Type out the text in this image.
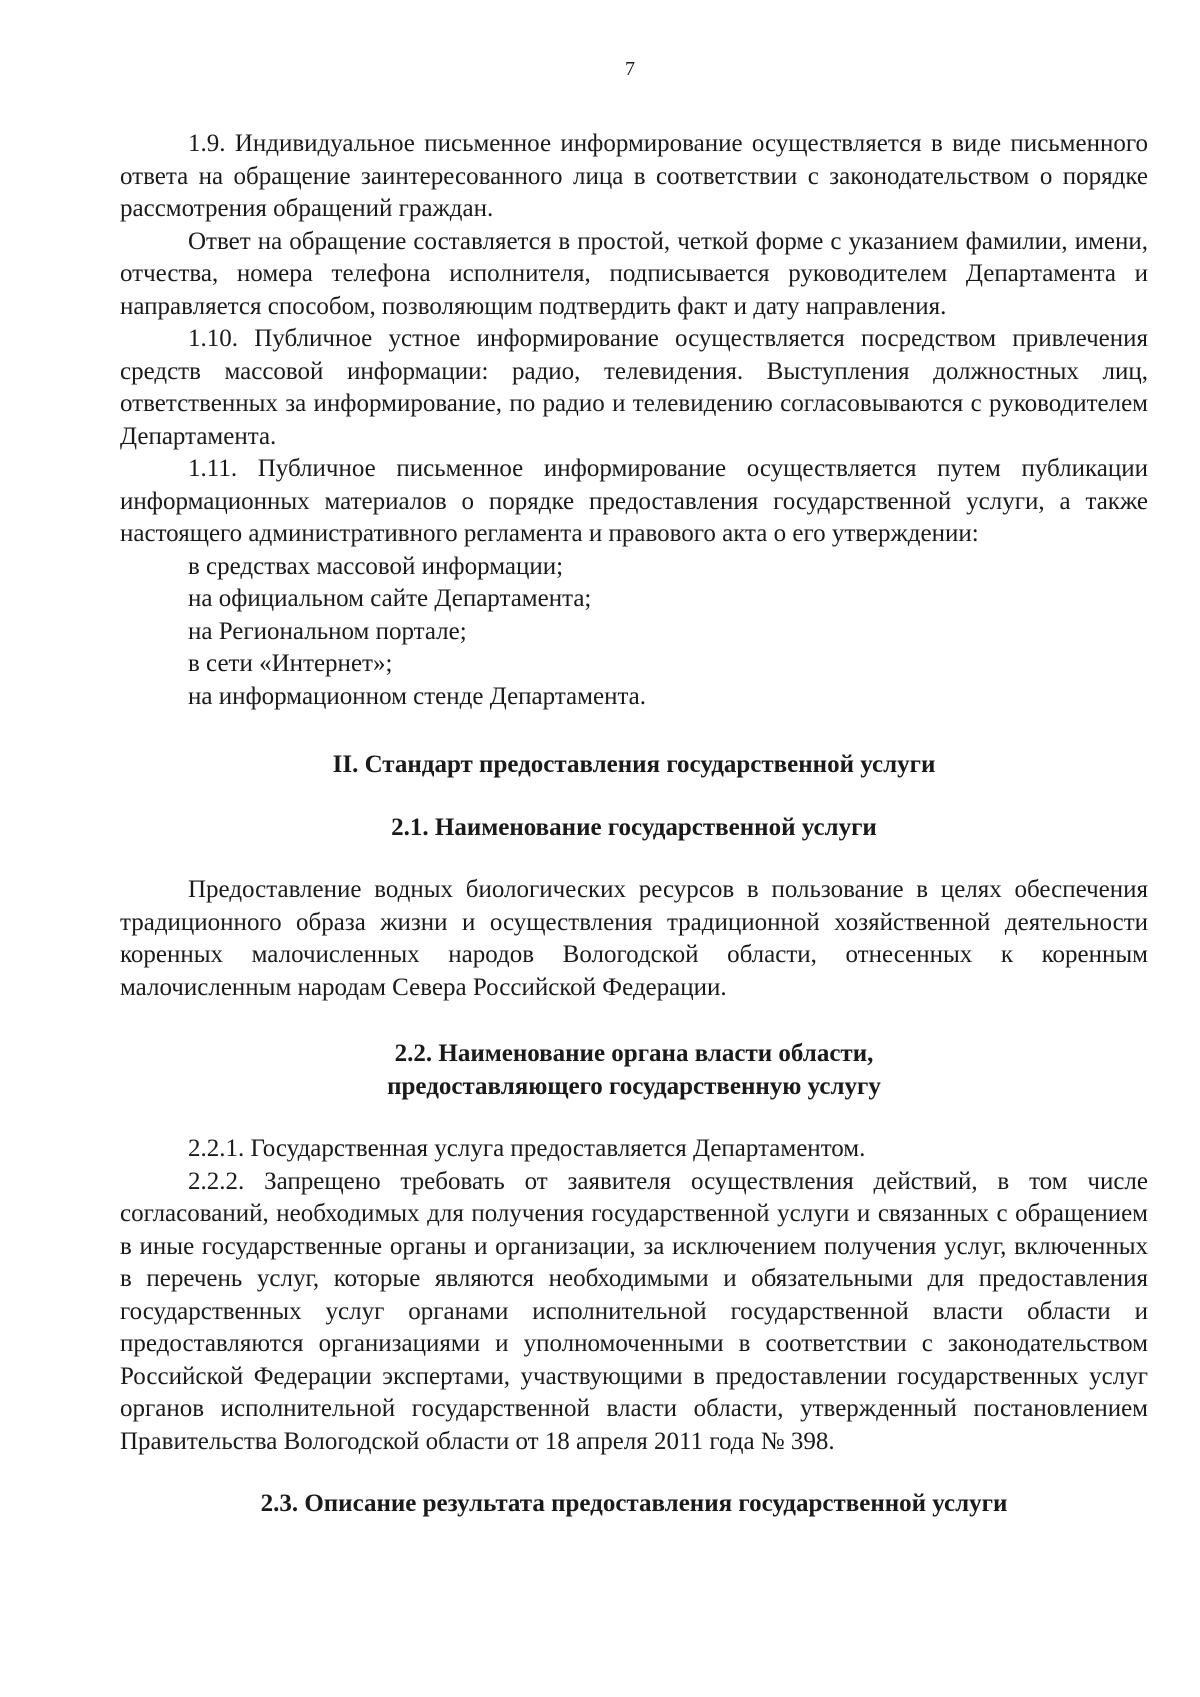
7

1.9. Индивидуальное письменное информирование осуществляется в виде письменного ответа на обращение заинтересованного лица в соответствии с законодательством о порядке рассмотрения обращений граждан.

Ответ на обращение составляется в простой, четкой форме с указанием фамилии, имени, отчества, номера телефона исполнителя, подписывается руководителем Департамента и направляется способом, позволяющим подтвердить факт и дату направления.

1.10. Публичное устное информирование осуществляется посредством привлечения средств массовой информации: радио, телевидения. Выступления должностных лиц, ответственных за информирование, по радио и телевидению согласовываются с руководителем Департамента.

1.11. Публичное письменное информирование осуществляется путем публикации информационных материалов о порядке предоставления государственной услуги, а также настоящего административного регламента и правового акта о его утверждении:

в средствах массовой информации;

на официальном сайте Департамента;

на Региональном портале;

в сети «Интернет»;

на информационном стенде Департамента.

II. Стандарт предоставления государственной услуги
2.1. Наименование государственной услуги

Предоставление водных биологических ресурсов в пользование в целях обеспечения традиционного образа жизни и осуществления традиционной хозяйственной деятельности коренных малочисленных народов Вологодской области, отнесенных к коренным малочисленным народам Севера Российской Федерации.

2.2. Наименование органа власти области,
предоставляющего государственную услугу

2.2.1. Государственная услуга предоставляется Департаментом.

2.2.2. Запрещено требовать от заявителя осуществления действий, в том числе согласований, необходимых для получения государственной услуги и связанных с обращением в иные государственные органы и организации, за исключением получения услуг, включенных в перечень услуг, которые являются необходимыми и обязательными для предоставления государственных услуг органами исполнительной государственной власти области и предоставляются организациями и уполномоченными в соответствии с законодательством Российской Федерации экспертами, участвующими в предоставлении государственных услуг органов исполнительной государственной власти области, утвержденный постановлением Правительства Вологодской области от 18 апреля 2011 года № 398.

2.3. Описание результата предоставления государственной услуги
